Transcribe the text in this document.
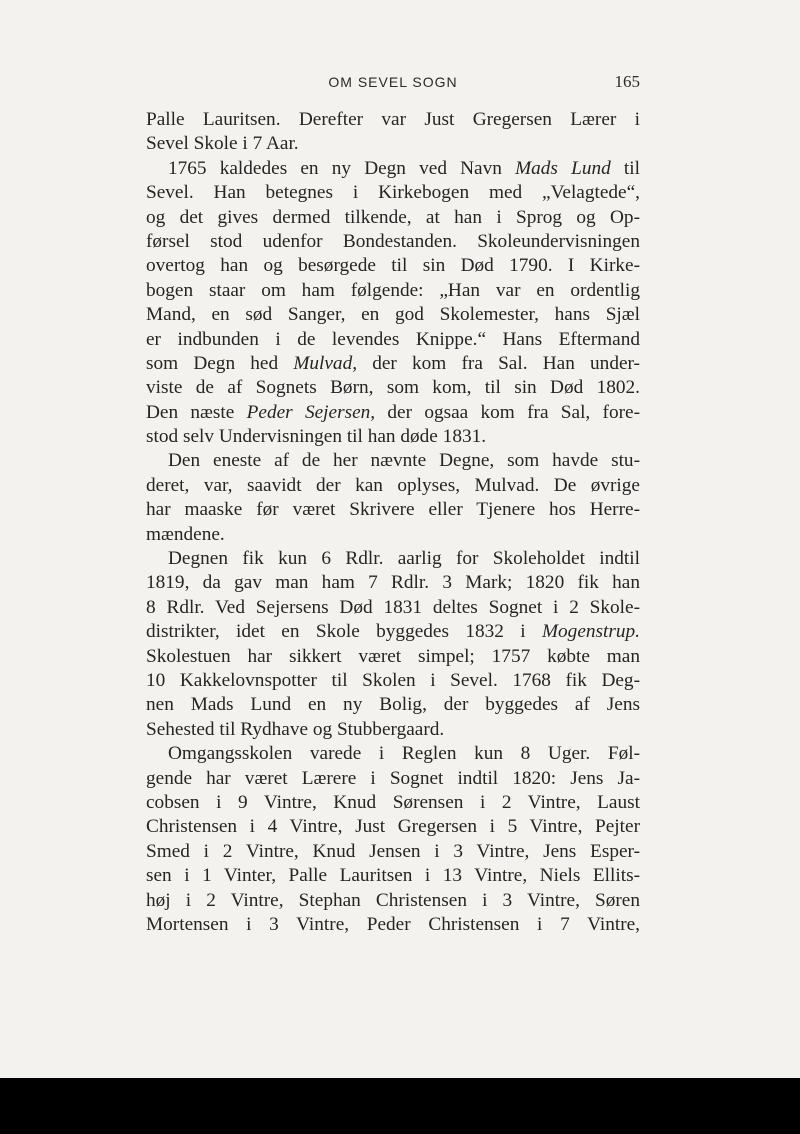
OM SEVEL SOGN	165
Palle Lauritsen. Derefter var Just Gregersen Lærer i
Sevel Skole i 7 Aar.
1765 kaldedes en ny Degn ved Navn Mads Lund til
Sevel. Han betegnes i Kirkebogen med „Velagtede“,
og det gives dermed tilkende, at han i Sprog og Op-
førsel stod udenfor Bondestanden. Skoleundervisningen
overtog han og besørgede til sin Død 1790. I Kirke-
bogen staar om ham følgende: „Han var en ordentlig
Mand, en sød Sanger, en god Skolemester, hans Sjæl
er indbunden i de levendes Knippe.“ Hans Eftermand
som Degn hed Mulvad, der kom fra Sal. Han under-
viste de af Sognets Børn, som kom, til sin Død 1802.
Den næste Peder Sejersen, der ogsaa kom fra Sal, fore-
stod selv Undervisningen til han døde 1831.
Den eneste af de her nævnte Degne, som havde stu-
deret, var, saavidt der kan oplyses, Mulvad. De øvrige
har maaske før været Skrivere eller Tjenere hos Herre-
mændene.
Degnen fik kun 6 Rdlr. aarlig for Skoleholdet indtil
1819, da gav man ham 7 Rdlr. 3 Mark; 1820 fik han
8 Rdlr. Ved Sejersens Død 1831 deltes Sognet i 2 Skole-
distrikter, idet en Skole byggedes 1832 i Mogenstrup.
Skolestuen har sikkert været simpel; 1757 købte man
10 Kakkelovnspotter til Skolen i Sevel. 1768 fik Deg-
nen Mads Lund en ny Bolig, der byggedes af Jens
Sehested til Rydhave og Stubbergaard.
Omgangsskolen varede i Reglen kun 8 Uger. Føl-
gende har været Lærere i Sognet indtil 1820: Jens Ja-
cobsen i 9 Vintre, Knud Sørensen i 2 Vintre, Laust
Christensen i 4 Vintre, Just Gregersen i 5 Vintre, Pejter
Smed i 2 Vintre, Knud Jensen i 3 Vintre, Jens Esper-
sen i 1 Vinter, Palle Lauritsen i 13 Vintre, Niels Ellits-
høj i 2 Vintre, Stephan Christensen i 3 Vintre, Søren
Mortensen i 3 Vintre, Peder Christensen i 7 Vintre,
